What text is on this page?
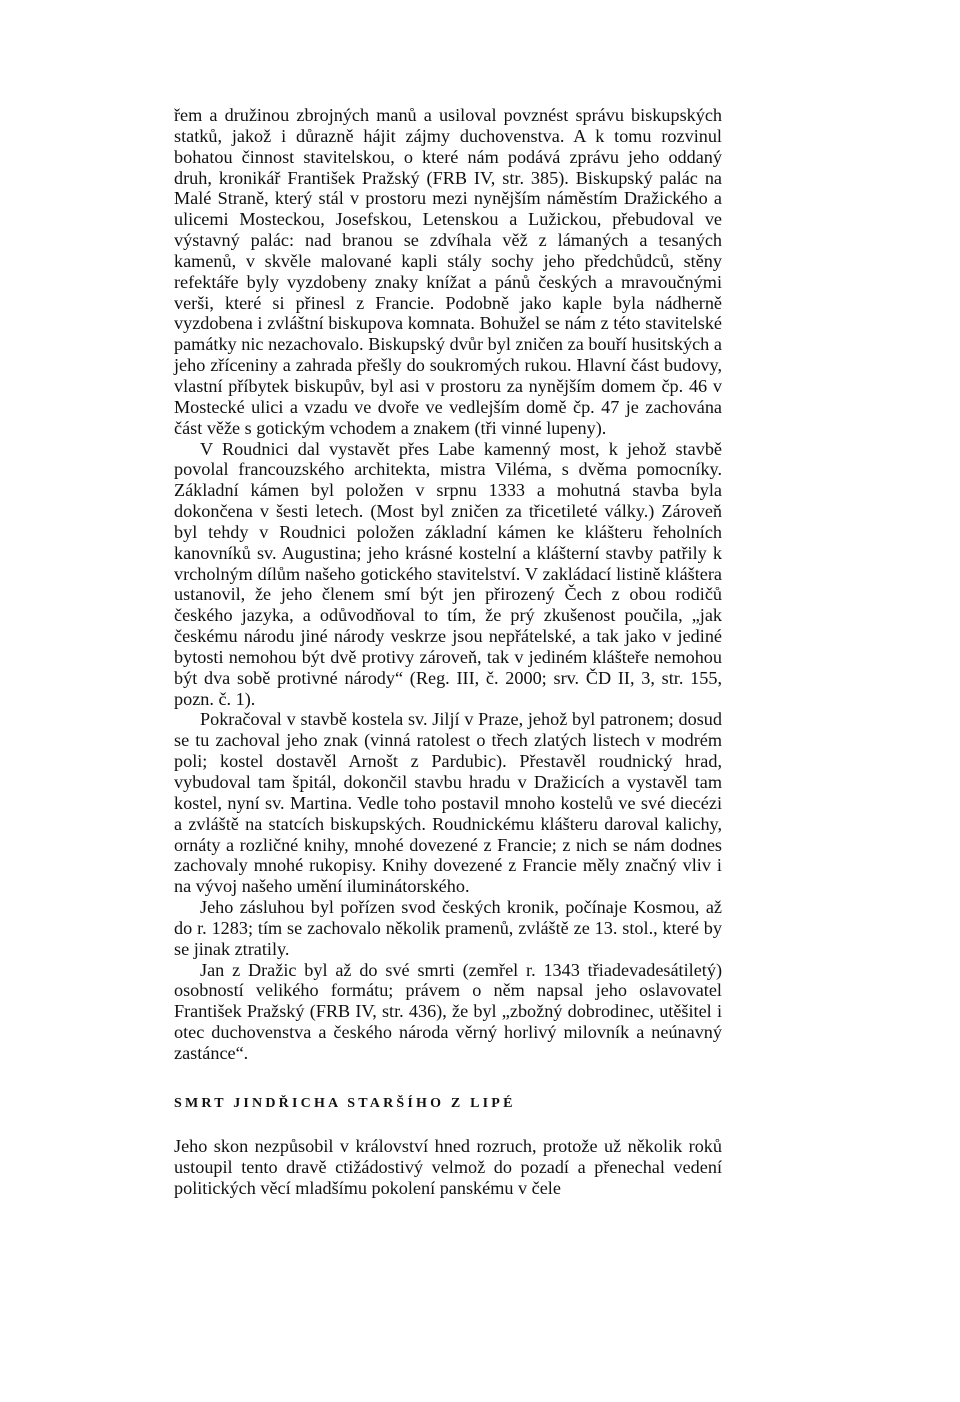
řem a družinou zbrojných manů a usiloval povznést správu biskupských statků, jakož i důrazně hájit zájmy duchovenstva. A k tomu rozvinul bohatou činnost stavitelskou, o které nám podává zprávu jeho oddaný druh, kronikář František Pražský (FRB IV, str. 385). Biskupský palác na Malé Straně, který stál v prostoru mezi nynějším náměstím Dražického a ulicemi Mosteckou, Josefskou, Letenskou a Lužickou, přebudoval ve výstavný palác: nad branou se zdvíhala věž z lámaných a tesaných kamenů, v skvěle malované kapli stály sochy jeho předchůdců, stěny refektáře byly vyzdobeny znaky knížat a pánů českých a mravoučnými verši, které si přinesl z Francie. Podobně jako kaple byla nádherně vyzdobena i zvláštní biskupova komnata. Bohužel se nám z této stavitelské památky nic nezachovalo. Biskupský dvůr byl zničen za bouří husitských a jeho zříceniny a zahrada přešly do soukromých rukou. Hlavní část budovy, vlastní příbytek biskupův, byl asi v prostoru za nynějším domem čp. 46 v Mostecké ulici a vzadu ve dvoře ve vedlejším domě čp. 47 je zachována část věže s gotickým vchodem a znakem (tři vinné lupeny).

V Roudnici dal vystavět přes Labe kamenný most, k jehož stavbě povolal francouzského architekta, mistra Viléma, s dvěma pomocníky. Základní kámen byl položen v srpnu 1333 a mohutná stavba byla dokončena v šesti letech. (Most byl zničen za třicetileté války.) Zároveň byl tehdy v Roudnici položen základní kámen ke klášteru řeholních kanovníků sv. Augustina; jeho krásné kostelní a klášterní stavby patřily k vrcholným dílům našeho gotického stavitelství. V zakládací listině kláštera ustanovil, že jeho členem smí být jen přirozený Čech z obou rodičů českého jazyka, a odůvodňoval to tím, že prý zkušenost poučila, „jak českému národu jiné národy veskrze jsou nepřátelské, a tak jako v jediné bytosti nemohou být dvě protivy zároveň, tak v jediném klášteře nemohou být dva sobě protivné národy“ (Reg. III, č. 2000; srv. ČD II, 3, str. 155, pozn. č. 1).

Pokračoval v stavbě kostela sv. Jiljí v Praze, jehož byl patronem; dosud se tu zachoval jeho znak (vinná ratolest o třech zlatých listech v modrém poli; kostel dostavěl Arnošt z Pardubic). Přestavěl roudnický hrad, vybudoval tam špitál, dokončil stavbu hradu v Dražicích a vystavěl tam kostel, nyní sv. Martina. Vedle toho postavil mnoho kostelů ve své diecézi a zvláště na statcích biskupských. Roudnickému klášteru daroval kalichy, ornáty a rozličné knihy, mnohé dovezené z Francie; z nich se nám dodnes zachovaly mnohé rukopisy. Knihy dovezené z Francie měly značný vliv i na vývoj našeho umění iluminátorského.

Jeho zásluhou byl pořízen svod českých kronik, počínaje Kosmou, až do r. 1283; tím se zachovalo několik pramenů, zvláště ze 13. stol., které by se jinak ztratily.

Jan z Dražic byl až do své smrti (zemřel r. 1343 třiadevadesátiletý) osobností velikého formátu; právem o něm napsal jeho oslavovatel František Pražský (FRB IV, str. 436), že byl „zbožný dobrodinec, utěšitel i otec duchovenstva a českého národa věrný horlivý milovník a neúnavný zastánce“.

SMRT JINDŘICHA STARŠÍHO Z LIPÉ

Jeho skon nezpůsobil v království hned rozruch, protože už několik roků ustoupil tento dravě ctižádostivý velmož do pozadí a přenechal vedení politických věcí mladšímu pokolení panskému v čele
